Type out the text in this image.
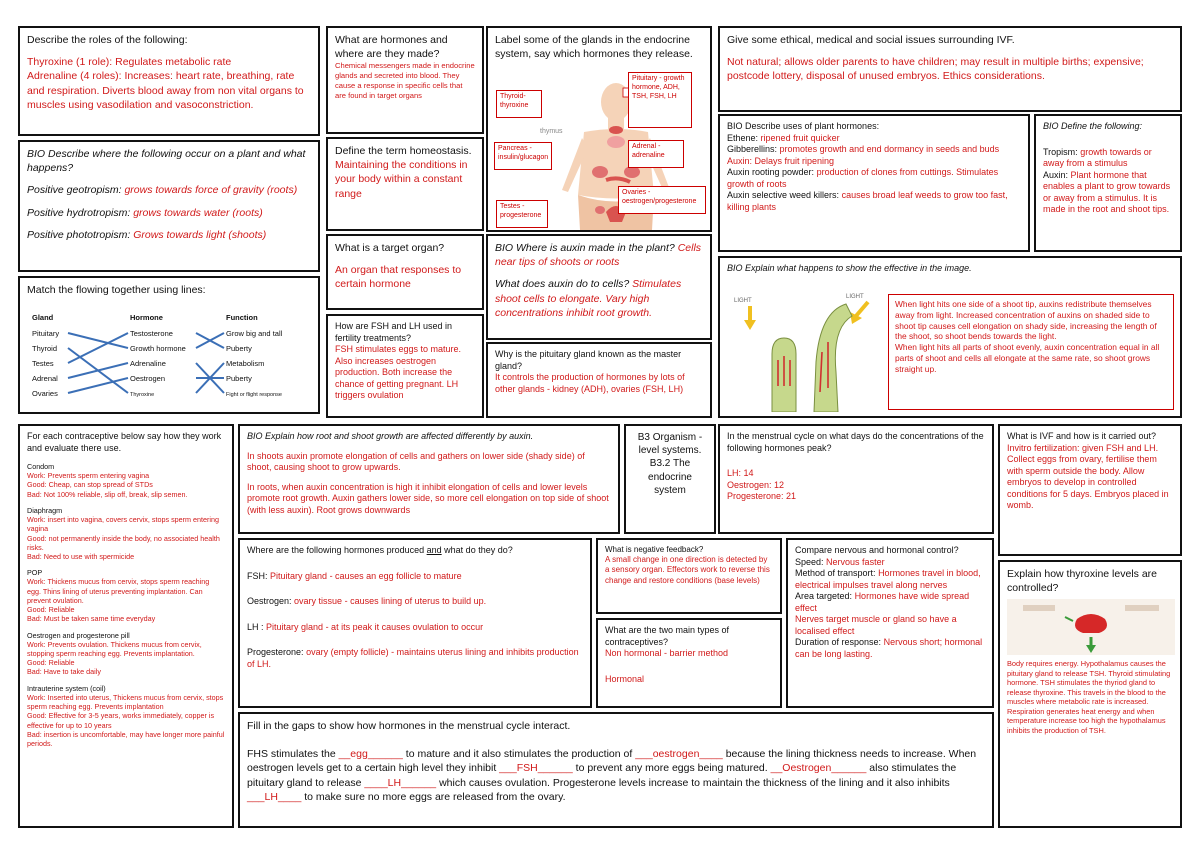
Describe the roles of the following:

Thyroxine (1 role): Regulates metabolic rate

Adrenaline (4 roles): Increases: heart rate, breathing, rate and respiration. Diverts blood away from non vital organs to muscles using vasodilation and vasoconstriction.

What are hormones and where are they made?

Chemical messengers made in endocrine glands and secreted into blood. They cause a response in specific cells that are found in target organs

Label some of the glands in the endocrine system, say which hormones they release.

Thyroid- thyroxine
Pituitary - growth hormone, ADH, TSH, FSH, LH
Pancreas - insulin/glucagon
Adrenal - adrenaline
Ovaries - oestrogen/progesterone
Testes - progesterone
thymus

Give some ethical, medical and social issues surrounding IVF.

Not natural; allows older parents to have children; may result in multiple births; expensive; postcode lottery, disposal of unused embryos. Ethics considerations.

BIO Describe where the following occur on a plant and what happens?

Positive geotropism: grows towards force of gravity (roots)

Positive hydrotropism: grows towards water (roots)

Positive phototropism: Grows towards light (shoots)

Define the term homeostasis.

Maintaining the conditions in your body within a constant range

BIO Describe uses of plant hormones:

Ethene: ripened fruit quicker

Gibberellins: promotes growth and end dormancy in seeds and buds

Auxin: Delays fruit ripening

Auxin rooting powder: production of clones from cuttings. Stimulates growth of roots

Auxin selective weed killers: causes broad leaf weeds to grow too fast, killing plants

BIO Define the following:

Tropism: growth towards or away from a stimulus

Auxin: Plant hormone that enables a plant to grow towards or away from a stimulus. It is made in the root and shoot tips.

What is a target organ?

An organ that responses to certain hormone

BIO Where is auxin made in the plant? Cells near tips of shoots or roots

What does auxin do to cells? Stimulates shoot cells to elongate. Vary high concentrations inhibit root growth.

BIO Explain what happens to show the effective in the image.

LIGHT
LIGHT

When light hits one side of a shoot tip, auxins redistribute themselves away from light. Increased concentration of auxins on shaded side to shoot tip causes cell elongation on shady side, increasing the length of the shoot, so shoot bends towards the light.

When light hits all parts of shoot evenly, auxin concentration equal in all parts of shoot and cells all elongate at the same rate, so shoot grows straight up.

Match the flowing together using lines:

Gland	Hormone	Function
Pituitary
Thyroid
Testes
Adrenal
Ovaries
Testosterone
Growth hormone
Adrenaline
Oestrogen
Thyroxine
Grow big and tall
Puberty
Metabolism
Puberty
Fight or flight response

How are FSH and LH used in fertility treatments?

FSH stimulates eggs to mature. Also increases oestrogen production. Both increase the chance of getting pregnant. LH triggers ovulation

Why is the pituitary gland known as the master gland?

It controls the production of hormones by lots of other glands - kidney (ADH), ovaries (FSH, LH)

For each contraceptive below say how they work and evaluate there use.

Condom

Work: Prevents sperm entering vagina

Good: Cheap, can stop spread of STDs

Bad: Not 100% reliable, slip off, break, slip semen.

Diaphragm

Work: insert into vagina, covers cervix, stops sperm entering vagina

Good: not permanently inside the body, no associated health risks.

Bad: Need to use with spermicide

POP

Work: Thickens mucus from cervix, stops sperm reaching egg. Thins lining of uterus preventing implantation. Can prevent ovulation.

Good: Reliable

Bad: Must be taken same time everyday

Oestrogen and progesterone pill

Work: Prevents ovulation. Thickens mucus from cervix, stopping sperm reaching egg. Prevents implantation.

Good: Reliable

Bad: Have to take daily

Intrauterine system (coil)

Work: Inserted into uterus, Thickens mucus from cervix, stops sperm reaching egg. Prevents implantation

Good: Effective for 3-5 years, works immediately, copper is effective for up to 10 years

Bad: insertion is uncomfortable, may have longer more painful periods.

BIO Explain how root and shoot growth are affected differently by auxin.

In shoots auxin promote elongation of cells and gathers on lower side (shady side) of shoot, causing shoot to grow upwards.

In roots, when auxin concentration is high it inhibit elongation of cells and lower levels promote root growth. Auxin gathers lower side, so more cell elongation on top side of shoot (with less auxin). Root grows downwards

B3 Organism - level systems. B3.2 The endocrine system

In the menstrual cycle on what days do the concentrations of the following hormones peak?

LH: 14

Oestrogen: 12

Progesterone: 21

What is IVF and how is it carried out?

Invitro fertilization: given FSH and LH. Collect eggs from ovary, fertilise them with sperm outside the body. Allow embryos to develop in controlled conditions for 5 days. Embryos placed in womb.

Where are the following hormones produced and what do they do?

FSH: Pituitary gland - causes an egg follicle to mature

Oestrogen: ovary tissue - causes lining of uterus to build up.

LH : Pituitary gland - at its peak it causes ovulation to occur

Progesterone: ovary (empty follicle) - maintains uterus lining and inhibits production of LH.

What is negative feedback?

A small change in one direction is detected by a sensory organ. Effectors work to reverse this change and restore conditions (base levels)

What are the two main types of contraceptives?

Non hormonal - barrier method

Hormonal

Compare nervous and hormonal control?

Speed: Nervous faster

Method of transport: Hormones travel in blood, electrical impulses travel along nerves

Area targeted: Hormones have wide spread effect

Nerves target muscle or gland so have a localised effect

Duration of response: Nervous short; hormonal can be long lasting.

Explain how thyroxine levels are controlled?

Body requires energy. Hypothalamus causes the pituitary gland to release TSH. Thyroid stimulating hormone. TSH stimulates the thyriod gland to release thyroxine. This travels in the blood to the muscles where metabolic rate is increased. Respiration generates heat energy and when temperature increase too high the hypothalamus inhibits the production of TSH.

Fill in the gaps to show how hormones in the menstrual cycle interact.

FHS stimulates the __egg______ to mature and it also stimulates the production of ___oestrogen____ because the lining thickness needs to increase. When oestrogen levels get to a certain high level they inhibit ___FSH______ to prevent any more eggs being matured. __Oestrogen______ also stimulates the pituitary gland to release ____LH______ which causes ovulation. Progesterone levels increase to maintain the thickness of the lining and it also inhibits ___LH____ to make sure no more eggs are released from the ovary.
